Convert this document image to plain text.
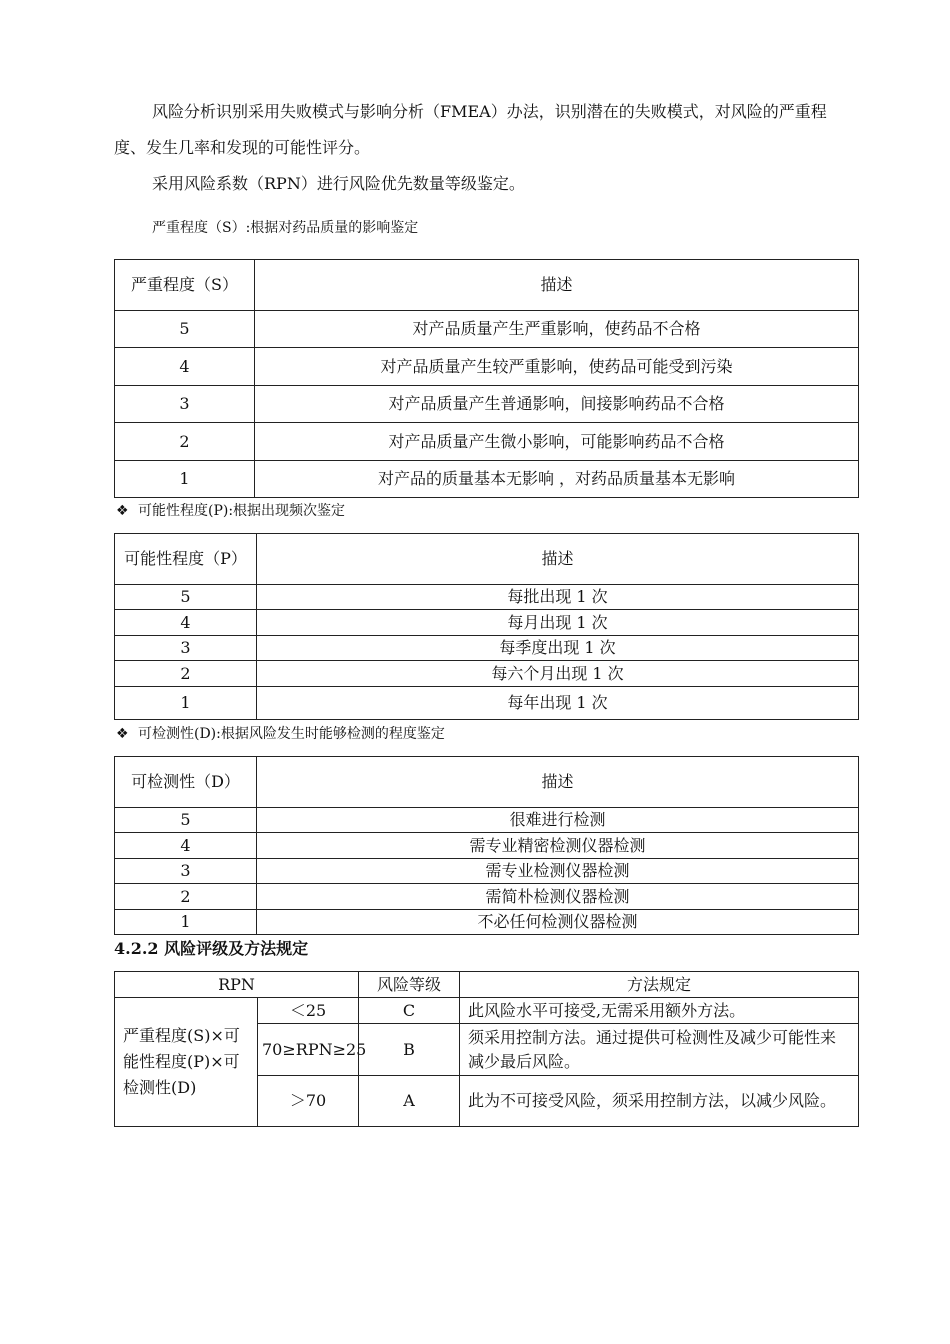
风险分析识别采用失败模式与影响分析（FMEA）办法，识别潜在的失败模式，对风险的严重程度、发生几率和发现的可能性评分。

采用风险系数（RPN）进行风险优先数量等级鉴定。

严重程度（S）:根据对药品质量的影响鉴定

严重程度（S）	描述
5	对产品质量产生严重影响，使药品不合格
4	对产品质量产生较严重影响，使药品可能受到污染
3	对产品质量产生普通影响，间接影响药品不合格
2	对产品质量产生微小影响，可能影响药品不合格
1	对产品的质量基本无影响 ，对药品质量基本无影响

❖ 可能性程度(P):根据出现频次鉴定

可能性程度（P）	描述
5	每批出现 1 次
4	每月出现 1 次
3	每季度出现 1 次
2	每六个月出现 1 次
1	每年出现 1 次

❖ 可检测性(D):根据风险发生时能够检测的程度鉴定

可检测性（D）	描述
5	很难进行检测
4	需专业精密检测仪器检测
3	需专业检测仪器检测
2	需简朴检测仪器检测
1	不必任何检测仪器检测

4.2.2 风险评级及方法规定

RPN		风险等级	方法规定
严重程度(S)×可能性程度(P)×可检测性(D)	＜25	C	此风险水平可接受,无需采用额外方法。
	70≥RPN≥25	B	须采用控制方法。通过提供可检测性及减少可能性来减少最后风险。
	＞70	A	此为不可接受风险，须采用控制方法，以减少风险。
